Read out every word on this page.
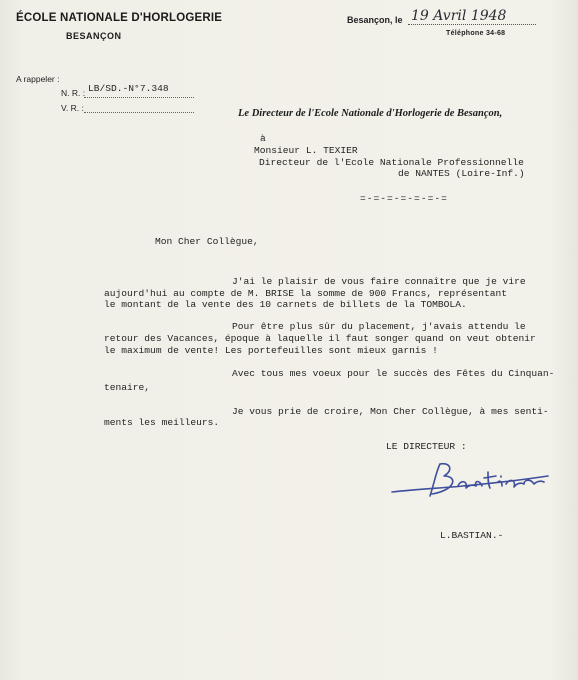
ÉCOLE NATIONALE D'HORLOGERIE
BESANÇON
Besançon, le 19 Avril 1948
Téléphone 34-68
A rappeler :
N. R. : LB/SD.-N°7.348
V. R. :	Le Directeur de l'Ecole Nationale d'Horlogerie de Besançon,
à
Monsieur L. TEXIER
Directeur de l'Ecole Nationale Professionnelle
de NANTES (Loire-Inf.)
=-=-=-=-=-=-=
Mon Cher Collègue,
J'ai le plaisir de vous faire connaître que je vire
aujourd'hui au compte de M. BRISE la somme de 900 Francs, représentant
le montant de la vente des 10 carnets de billets de la TOMBOLA.
Pour être plus sûr du placement, j'avais attendu le
retour des Vacances, époque à laquelle il faut songer quand on veut obtenir
le maximum de vente! Les portefeuilles sont mieux garnis !
Avec tous mes voeux pour le succès des Fêtes du Cinquan-
tenaire,
Je vous prie de croire, Mon Cher Collègue, à mes senti-
ments les meilleurs.
LE DIRECTEUR :
L.BASTIAN.-
